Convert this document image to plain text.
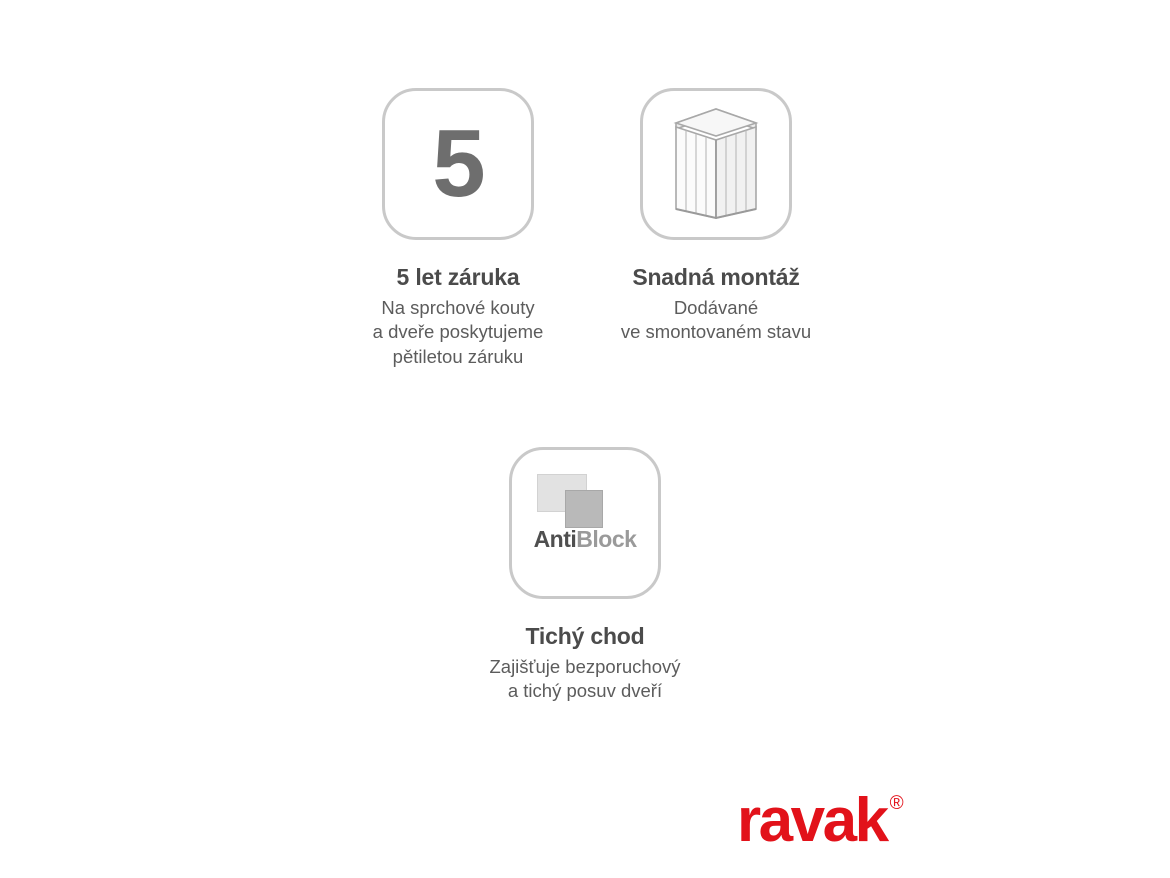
5
5 let záruka
Na sprchové kouty
a dveře poskytujeme
pětiletou záruku
Snadná montáž
Dodávané
ve smontovaném stavu
AntiBlock
Tichý chod
Zajišťuje bezporuchový
a tichý posuv dveří
ravak ®
